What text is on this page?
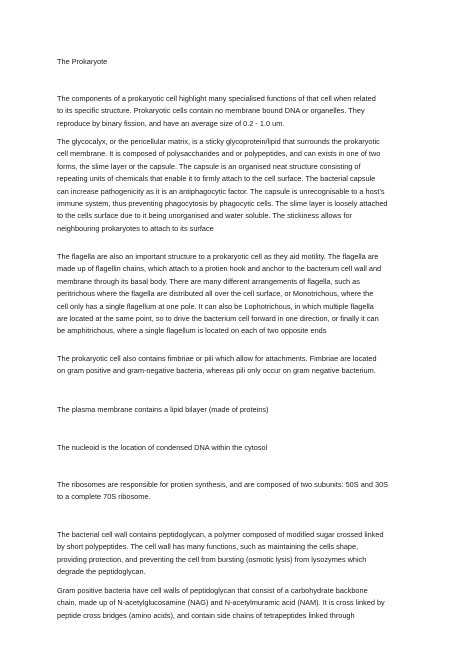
The Prokaryote

The components of a prokaryotic cell highlight many specialised functions of that cell when related
to its specific structure. Prokaryotic cells contain no membrane bound DNA or organelles. They
reproduce by binary fission, and have an average size of 0.2 - 1.0 um.

The glycocalyx, or the pericellular matrix, is a sticky glycoprotein/lipid that surrounds the prokaryotic
cell membrane. It is composed of polysaccharides and or polypeptides, and can exists in one of two
forms, the slime layer or the capsule. The capsule is an organised neat structure consisting of
repeating units of chemicals that enable it to firmly attach to the cell surface. The bacterial capsule
can increase pathogenicity as it is an antiphagocytic factor. The capsule is unrecognisable to a host’s
immune system, thus preventing phagocytosis by phagocytic cells. The slime layer is loosely attached
to the cells surface due to it being unorganised and water soluble. The stickiness allows for
neighbouring prokaryotes to attach to its surface

The flagella are also an important structure to a prokaryotic cell as they aid motility. The flagella are
made up of flagellin chains, which attach to a protien hook and anchor to the bacterium cell wall and
membrane through its basal body. There are many different arrangements of flagella, such as
peritrichous where the flagella are distributed all over the cell surface, or Monotrichous, where the
cell only has a single flagellum at one pole. It can also be Lophotrichous, in which multiple flagella
are located at the same point, so to drive the bacterium cell forward in one direction, or finally it can
be amphitrichous, where a single flagellum is located on each of two opposite ends

The prokaryotic cell also contains fimbriae or pili which allow for attachments. Fimbriae are located
on gram positive and gram-negative bacteria, whereas pili only occur on gram negative bacterium.

The plasma membrane contains a lipid bilayer (made of proteins)

The nucleoid is the location of condensed DNA within the cytosol

The ribosomes are responsible for protien synthesis, and are composed of two subunits: 50S and 30S
to a complete 70S ribosome.

The bacterial cell wall contains peptidoglycan, a polymer composed of modified sugar crossed linked
by short polypeptides. The cell wall has many functions, such as maintaining the cells shape,
providing protection, and preventing the cell from bursting (osmotic lysis) from lysozymes which
degrade the peptidoglycan.

Gram positive bacteria have cell walls of peptidoglycan that consist of a carbohydrate backbone
chain, made up of N-acetylglucosamine (NAG) and N-acetylmuramic acid (NAM). It is cross linked by
peptide cross bridges (amino acids), and contain side chains of tetrapeptides linked through
